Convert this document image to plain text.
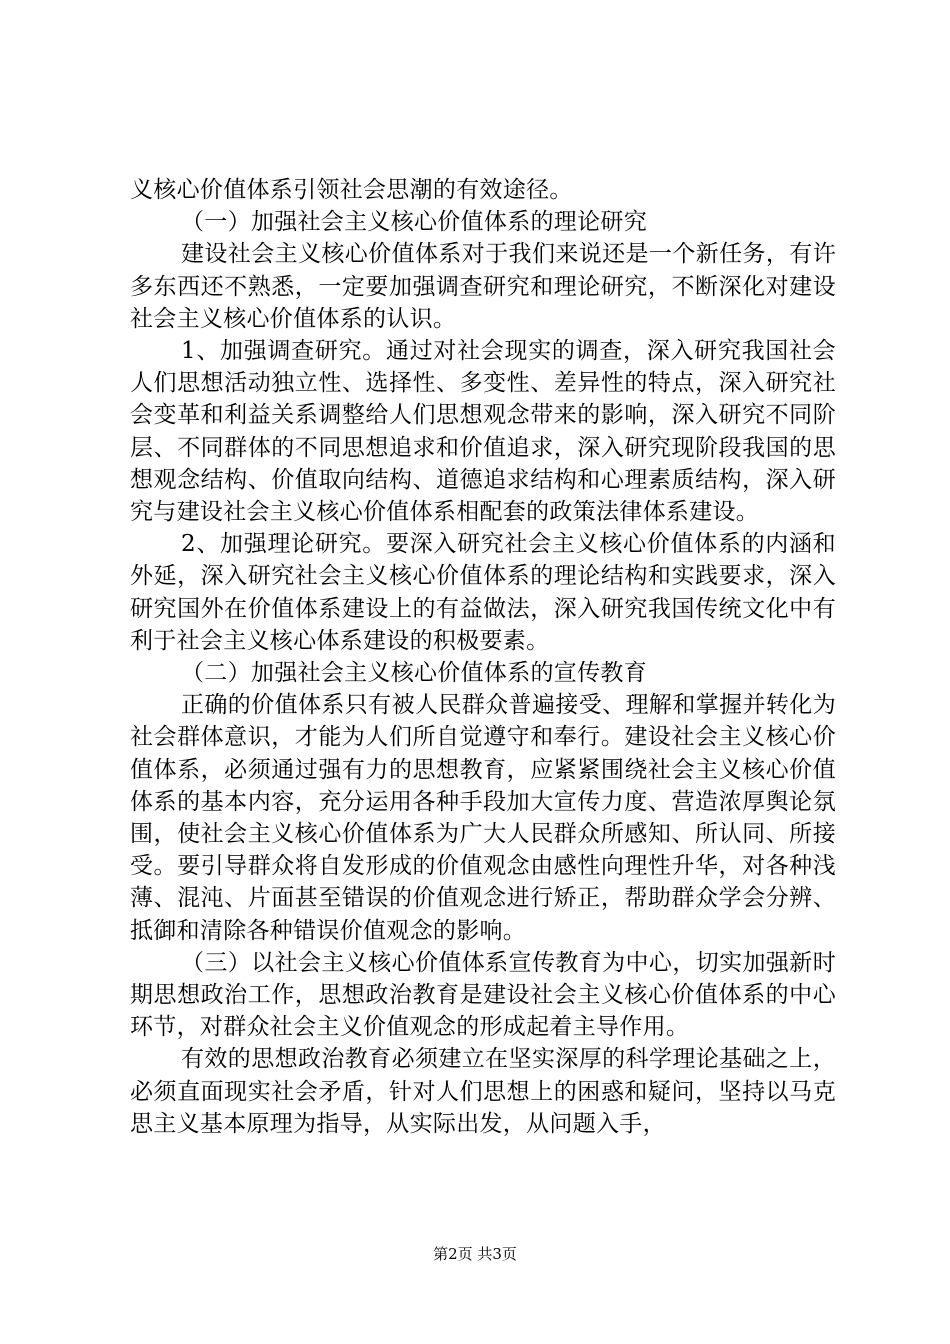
义核心价值体系引领社会思潮的有效途径。

（一）加强社会主义核心价值体系的理论研究

建设社会主义核心价值体系对于我们来说还是一个新任务，有许多东西还不熟悉，一定要加强调查研究和理论研究，不断深化对建设社会主义核心价值体系的认识。

1、加强调查研究。通过对社会现实的调查，深入研究我国社会人们思想活动独立性、选择性、多变性、差异性的特点，深入研究社会变革和利益关系调整给人们思想观念带来的影响，深入研究不同阶层、不同群体的不同思想追求和价值追求，深入研究现阶段我国的思想观念结构、价值取向结构、道德追求结构和心理素质结构，深入研究与建设社会主义核心价值体系相配套的政策法律体系建设。

2、加强理论研究。要深入研究社会主义核心价值体系的内涵和外延，深入研究社会主义核心价值体系的理论结构和实践要求，深入研究国外在价值体系建设上的有益做法，深入研究我国传统文化中有利于社会主义核心体系建设的积极要素。

（二）加强社会主义核心价值体系的宣传教育

正确的价值体系只有被人民群众普遍接受、理解和掌握并转化为社会群体意识，才能为人们所自觉遵守和奉行。建设社会主义核心价值体系，必须通过强有力的思想教育，应紧紧围绕社会主义核心价值体系的基本内容，充分运用各种手段加大宣传力度、营造浓厚舆论氛围，使社会主义核心价值体系为广大人民群众所感知、所认同、所接受。要引导群众将自发形成的价值观念由感性向理性升华，对各种浅薄、混沌、片面甚至错误的价值观念进行矫正，帮助群众学会分辨、抵御和清除各种错误价值观念的影响。

（三）以社会主义核心价值体系宣传教育为中心，切实加强新时期思想政治工作，思想政治教育是建设社会主义核心价值体系的中心环节，对群众社会主义价值观念的形成起着主导作用。

有效的思想政治教育必须建立在坚实深厚的科学理论基础之上，必须直面现实社会矛盾，针对人们思想上的困惑和疑问，坚持以马克思主义基本原理为指导，从实际出发，从问题入手，

第2页 共3页
